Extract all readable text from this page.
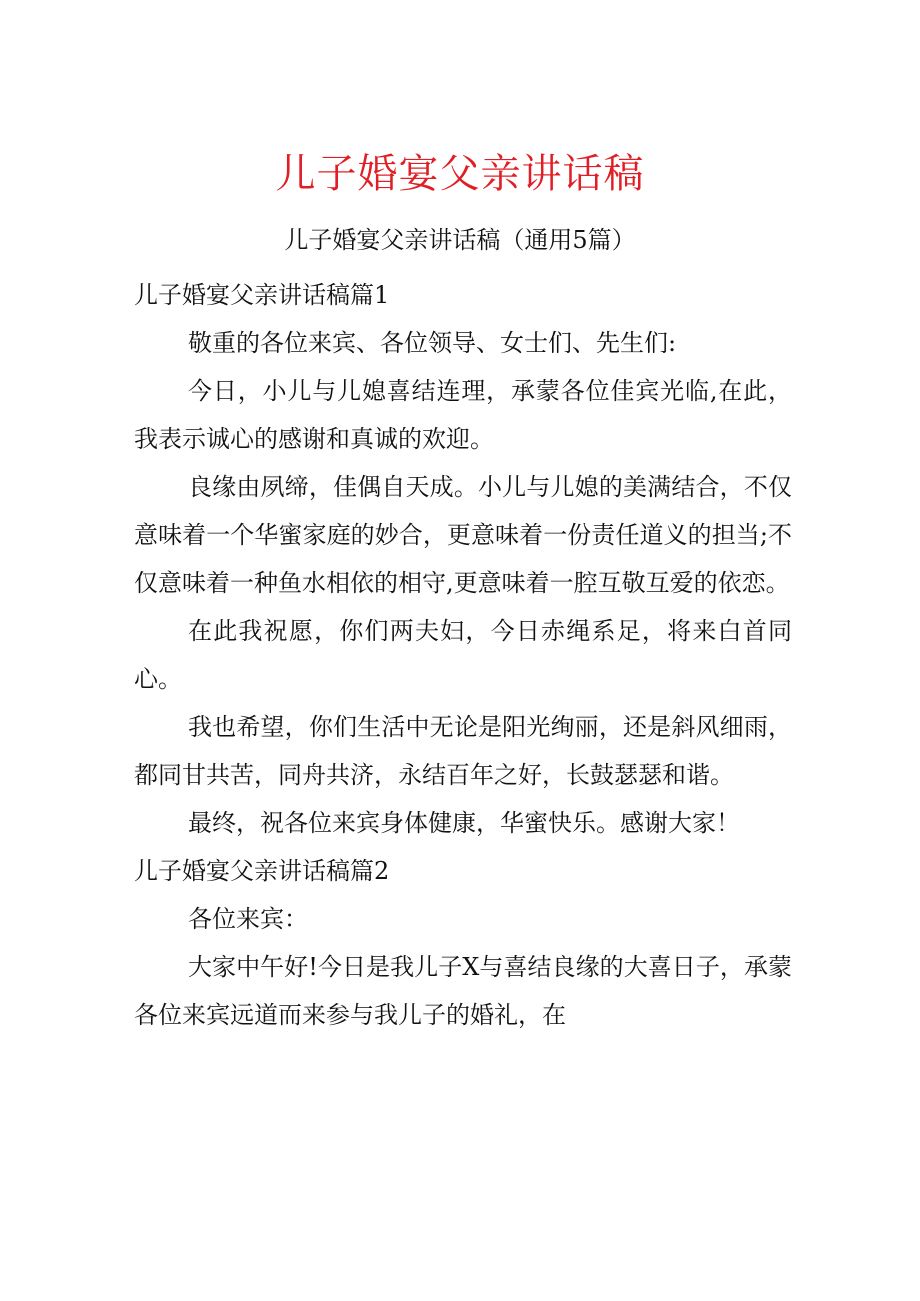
儿子婚宴父亲讲话稿
儿子婚宴父亲讲话稿（通用5篇）

儿子婚宴父亲讲话稿篇1

敬重的各位来宾、各位领导、女士们、先生们:

今日，小儿与儿媳喜结连理，承蒙各位佳宾光临,在此，我表示诚心的感谢和真诚的欢迎。

良缘由夙缔，佳偶自天成。小儿与儿媳的美满结合，不仅意味着一个华蜜家庭的妙合，更意味着一份责任道义的担当;不仅意味着一种鱼水相依的相守,更意味着一腔互敬互爱的依恋。

在此我祝愿，你们两夫妇，今日赤绳系足，将来白首同心。

我也希望，你们生活中无论是阳光绚丽，还是斜风细雨，都同甘共苦，同舟共济，永结百年之好，长鼓瑟瑟和谐。

最终，祝各位来宾身体健康，华蜜快乐。感谢大家！

儿子婚宴父亲讲话稿篇2

各位来宾：

大家中午好!今日是我儿子X与喜结良缘的大喜日子，承蒙各位来宾远道而来参与我儿子的婚礼，在
